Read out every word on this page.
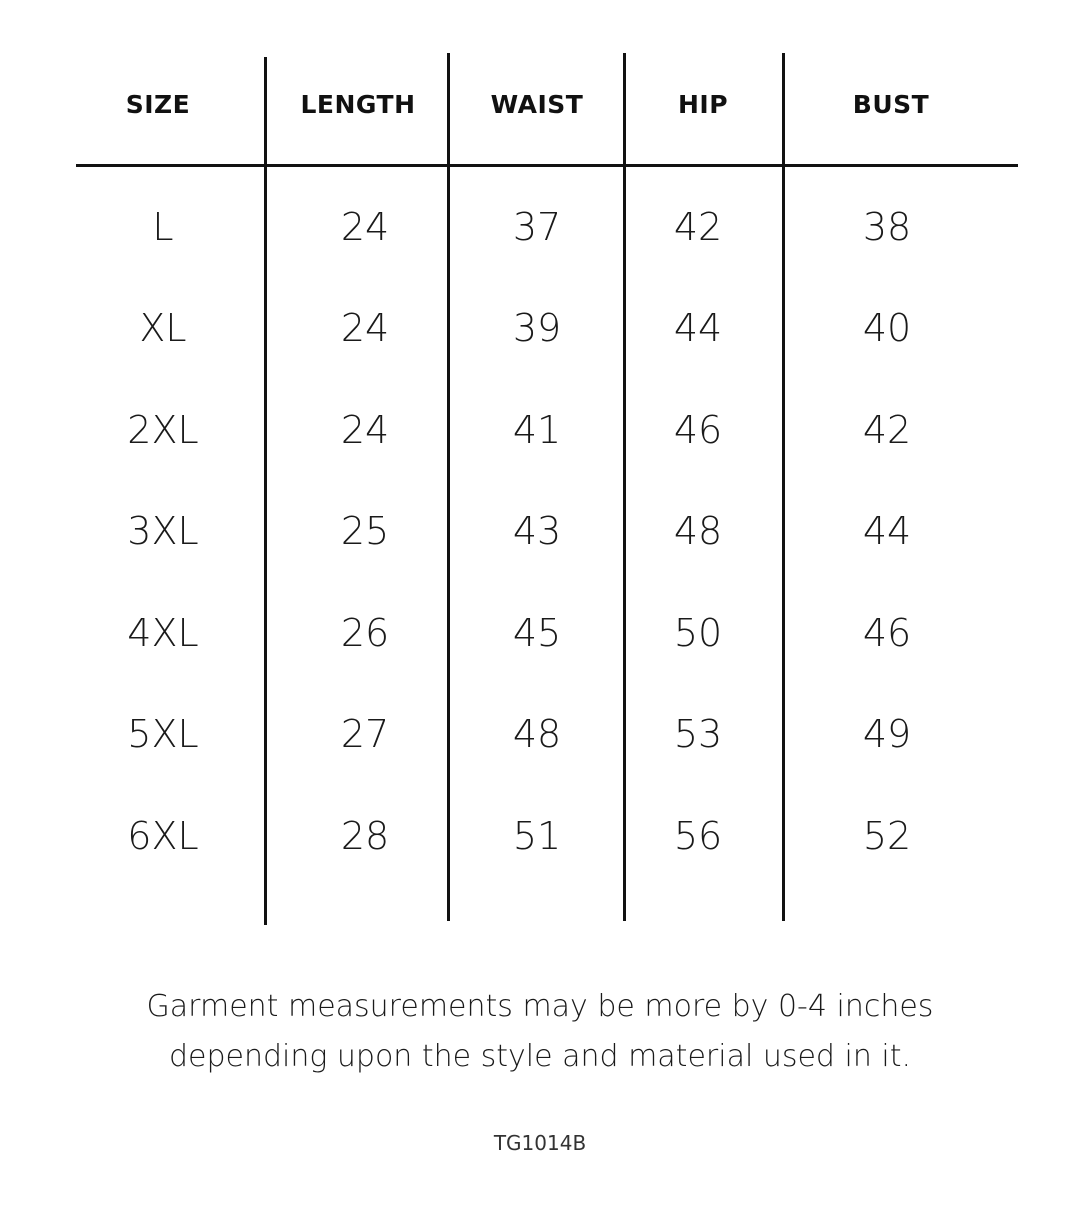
SIZE	LENGTH	WAIST	HIP	BUST
L	24	37	42	38
XL	24	39	44	40
2XL	24	41	46	42
3XL	25	43	48	44
4XL	26	45	50	46
5XL	27	48	53	49
6XL	28	51	56	52
Garment measurements may be more by 0-4 inches
depending upon the style and material used in it.
TG1014B
